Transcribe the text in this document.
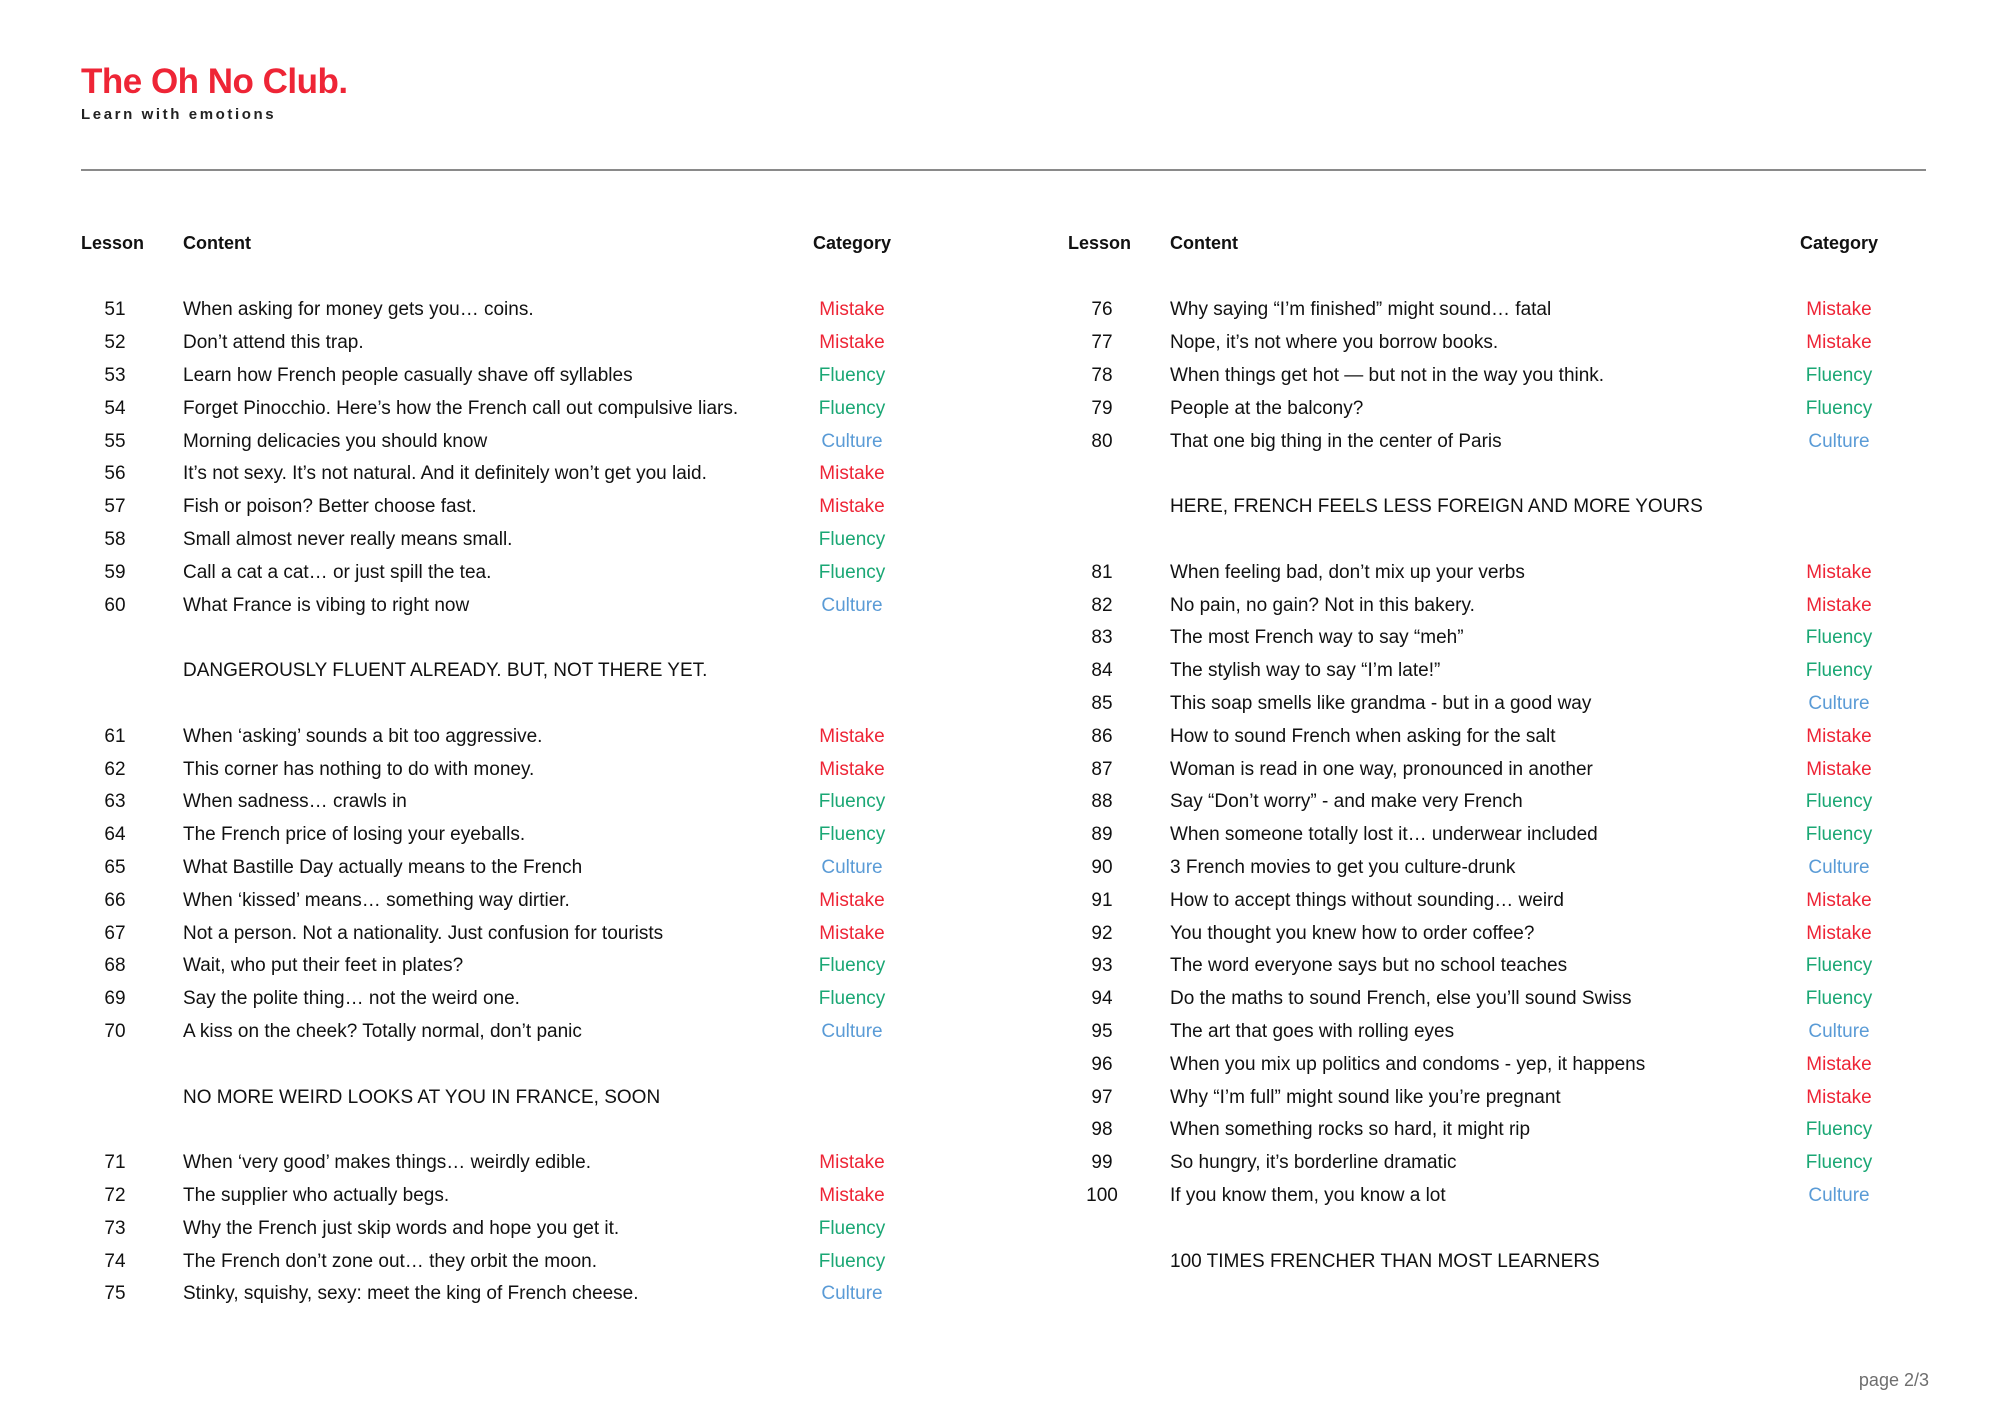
The Oh No Club.
Learn with emotions
Lesson	Content	Category
51	When asking for money gets you… coins.	Mistake
52	Don’t attend this trap.	Mistake
53	Learn how French people casually shave off syllables	Fluency
54	Forget Pinocchio. Here’s how the French call out compulsive liars.	Fluency
55	Morning delicacies you should know	Culture
56	It’s not sexy. It’s not natural. And it definitely won’t get you laid.	Mistake
57	Fish or poison? Better choose fast.	Mistake
58	Small almost never really means small.	Fluency
59	Call a cat a cat… or just spill the tea.	Fluency
60	What France is vibing to right now	Culture
DANGEROUSLY FLUENT ALREADY. BUT, NOT THERE YET.
61	When ‘asking’ sounds a bit too aggressive.	Mistake
62	This corner has nothing to do with money.	Mistake
63	When sadness… crawls in	Fluency
64	The French price of losing your eyeballs.	Fluency
65	What Bastille Day actually means to the French	Culture
66	When ‘kissed’ means… something way dirtier.	Mistake
67	Not a person. Not a nationality. Just confusion for tourists	Mistake
68	Wait, who put their feet in plates?	Fluency
69	Say the polite thing… not the weird one.	Fluency
70	A kiss on the cheek? Totally normal, don’t panic	Culture
NO MORE WEIRD LOOKS AT YOU IN FRANCE, SOON
71	When ‘very good’ makes things… weirdly edible.	Mistake
72	The supplier who actually begs.	Mistake
73	Why the French just skip words and hope you get it.	Fluency
74	The French don’t zone out… they orbit the moon.	Fluency
75	Stinky, squishy, sexy: meet the king of French cheese.	Culture
Lesson	Content	Category
76	Why saying “I’m finished” might sound… fatal	Mistake
77	Nope, it’s not where you borrow books.	Mistake
78	When things get hot — but not in the way you think.	Fluency
79	People at the balcony?	Fluency
80	That one big thing in the center of Paris	Culture
HERE, FRENCH FEELS LESS FOREIGN AND MORE YOURS
81	When feeling bad, don’t mix up your verbs	Mistake
82	No pain, no gain? Not in this bakery.	Mistake
83	The most French way to say “meh”	Fluency
84	The stylish way to say “I’m late!”	Fluency
85	This soap smells like grandma - but in a good way	Culture
86	How to sound French when asking for the salt	Mistake
87	Woman is read in one way, pronounced in another	Mistake
88	Say “Don’t worry” - and make very French	Fluency
89	When someone totally lost it… underwear included	Fluency
90	3 French movies to get you culture-drunk	Culture
91	How to accept things without sounding… weird	Mistake
92	You thought you knew how to order coffee?	Mistake
93	The word everyone says but no school teaches	Fluency
94	Do the maths to sound French, else you’ll sound Swiss	Fluency
95	The art that goes with rolling eyes	Culture
96	When you mix up politics and condoms - yep, it happens	Mistake
97	Why “I’m full” might sound like you’re pregnant	Mistake
98	When something rocks so hard, it might rip	Fluency
99	So hungry, it’s borderline dramatic	Fluency
100	If you know them, you know a lot	Culture
100 TIMES FRENCHER THAN MOST LEARNERS
page 2/3
